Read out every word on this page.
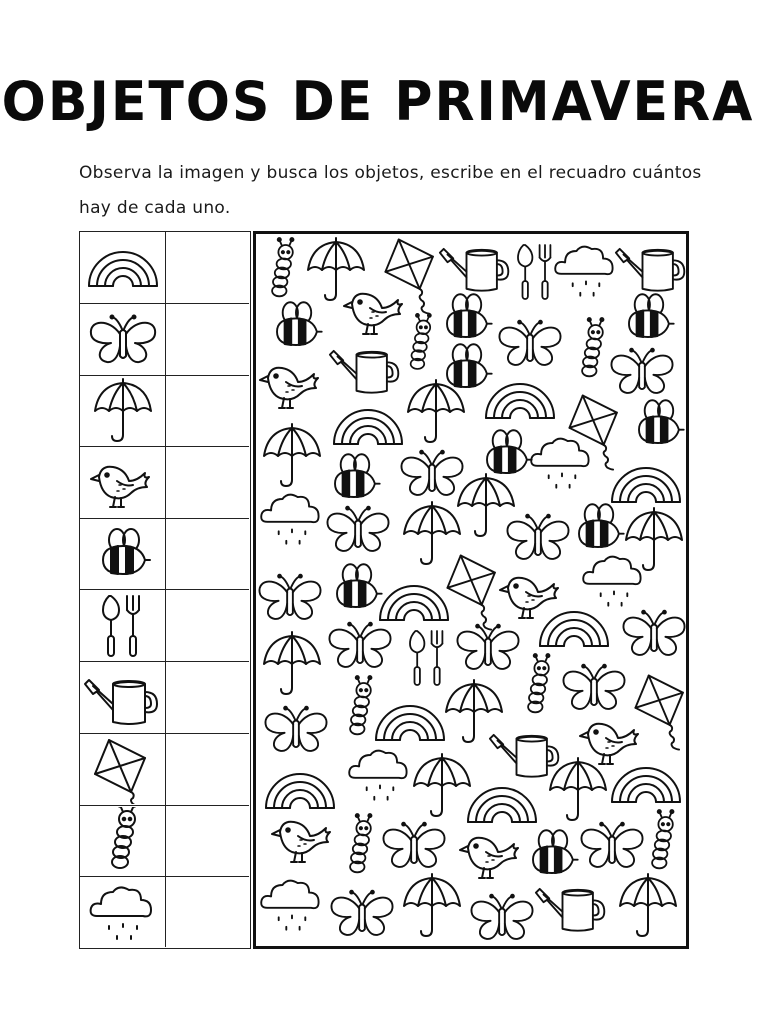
OBJETOS DE PRIMAVERA
Observa la imagen y busca los objetos, escribe en el recuadro cuántos hay de cada uno.
